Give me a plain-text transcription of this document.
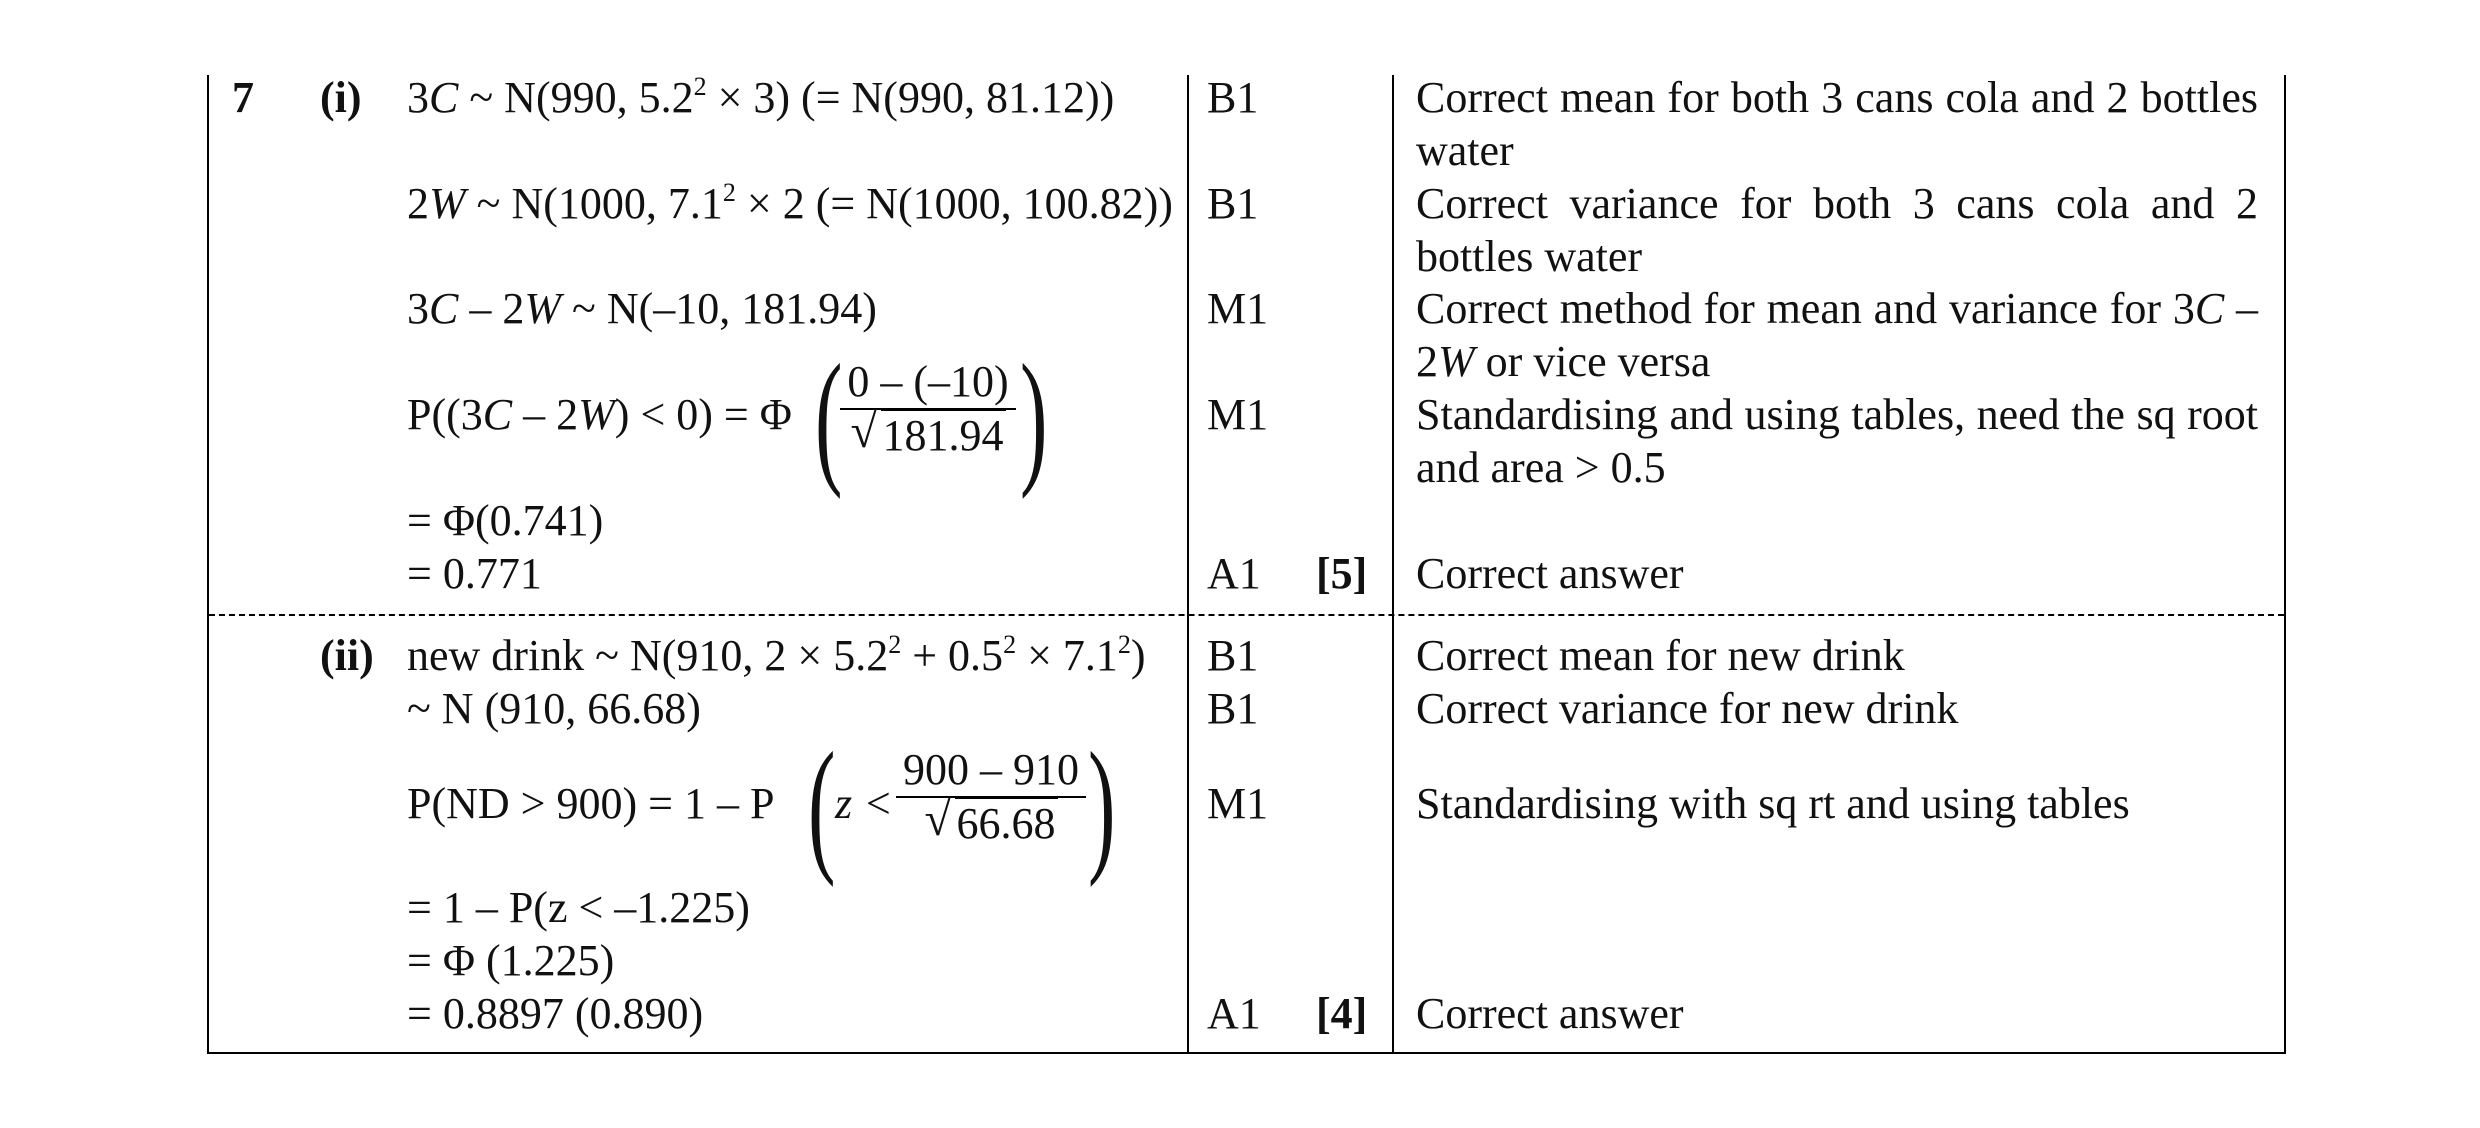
7 (i) 3C ~ N(990, $5.2^2 \times 3$) (= N(990, 81.12))
2W ~ N(1000, $7.1^2 \times 2$ (= N(1000, 100.82))
3C – 2W ~ N(–10, 181.94)
P((3C – 2W) < 0) = Φ ( 0 – (–10)
√ 181.94 )
= Φ(0.741)
= 0.771
B1
B1
M1
M1
A1 [5]
Correct mean for both 3 cans cola and 2 bottles water
Correct variance for both 3 cans cola and 2 bottles water
Correct method for mean and variance for 3C – 2W or vice versa
Standardising and using tables, need the sq root and area > 0.5
Correct answer
(ii) new drink ~ N(910, $2 \times 5.2^2 + 0.5^2 \times 7.1^2$)
~ N (910, 66.68)
P(ND > 900) = 1 – P ( z <
900 – 910
√ 66.68 )
= 1 – P(z < –1.225)
= Φ (1.225)
= 0.8897 (0.890)
B1
B1
M1
A1 [4]
Correct mean for new drink
Correct variance for new drink
Standardising with sq rt and using tables
Correct answer
